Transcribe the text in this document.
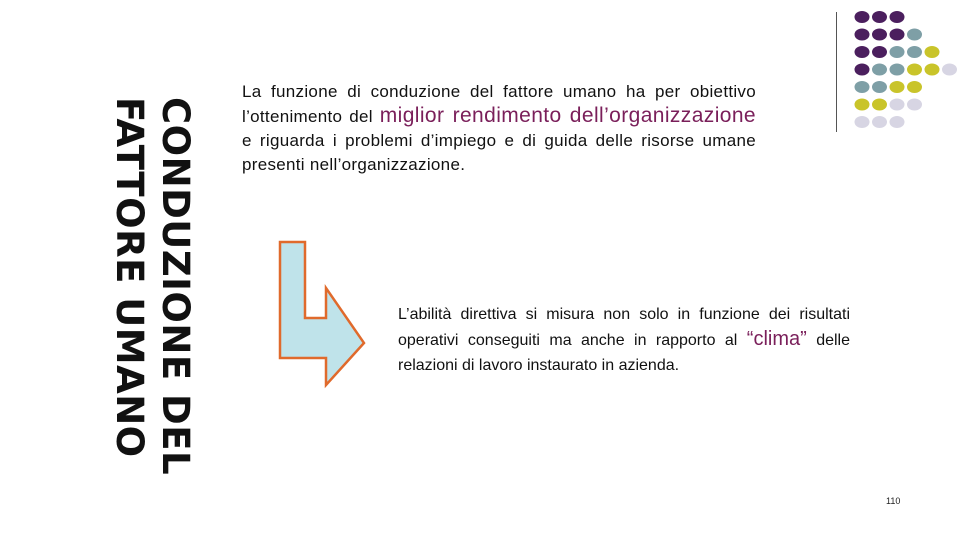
CONDUZIONE DEL
FATTORE UMANO
La funzione di conduzione del fattore umano ha per obiettivo l’ottenimento del miglior rendimento dell’organizzazione e riguarda i problemi d’impiego e di guida delle risorse umane presenti nell’organizzazione.
L’abilità direttiva si misura non solo in funzione dei risultati operativi conseguiti ma anche in rapporto al “clima” delle relazioni di lavoro instaurato in azienda.
110
